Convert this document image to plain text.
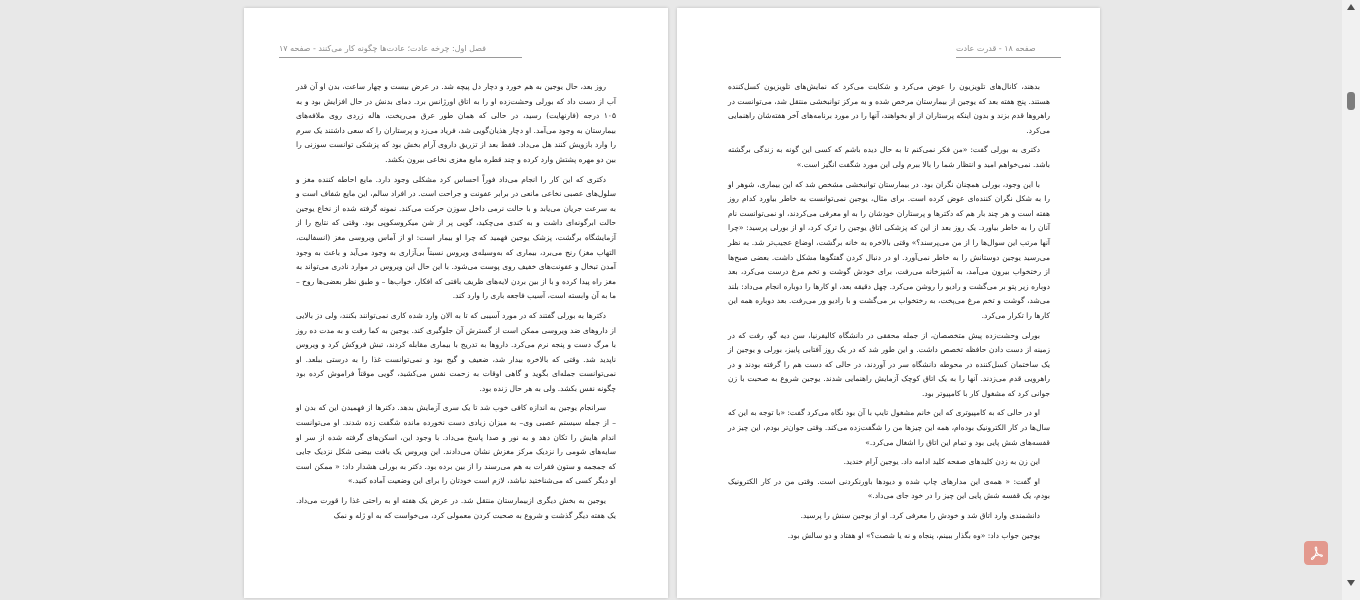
فصل اول: چرخه عادت؛ عادت‌ها چگونه کار می‌کنند - صفحه ۱۷

روز بعد، حال یوجین به هم خورد و دچار دل پیچه شد. در عرض بیست و چهار ساعت، بدن او آن قدر آب از دست داد که بورلی وحشت‌زده او را به اتاق اورژانس برد. دمای بدنش در حال افزایش بود و به ۱۰۵ درجه (فارنهایت) رسید، در حالی که همان طور عرق می‌ریخت، هاله زردی روی ملافه‌های بیمارستان به وجود می‌آمد. او دچار هذیان‌گویی شد، فریاد می‌زد و پرستاران را که سعی داشتند یک سرم را وارد بازویش کنند هل می‌داد. فقط بعد از تزریق داروی آرام بخش بود که پزشکی توانست سوزنی را بین دو مهره پشتش وارد کرده و چند قطره مایع مغزی نخاعی بیرون بکشد.

دکتری که این کار را انجام می‌داد فوراً احساس کرد مشکلی وجود دارد. مایع احاطه کننده مغز و سلول‌های عصبی نخاعی مانعی در برابر عفونت و جراحت است. در افراد سالم، این مایع شفاف است و به سرعت جریان می‌یابد و با حالت نرمی داخل سوزن حرکت می‌کند. نمونه گرفته شده از نخاع یوجین حالت ابرگونه‌ای داشت و به کندی می‌چکید، گویی پر از شن میکروسکوپی بود. وقتی که نتایج را از آزمایشگاه برگشت، پزشک یوجین فهمید که چرا او بیمار است: او از آماس ویروسی مغز (انسفالیت، التهاب مغز) رنج می‌برد، بیماری که به‌وسیله‌ی ویروس نسبتاً بی‌آزاری به وجود می‌آید و باعث به وجود آمدن تبخال و عفونت‌های خفیف روی پوست می‌شود. با این حال این ویروس در موارد نادری می‌تواند به مغز راه پیدا کرده و با از بین بردن لایه‌های ظریف بافتی که افکار، خواب‌ها – و طبق نظر بعضی‌ها روح – ما به آن وابسته است، آسیب فاجعه باری را وارد کند.

دکترها به بورلی گفتند که در مورد آسیبی که تا به الان وارد شده کاری نمی‌توانند بکنند، ولی دز بالایی از داروهای ضد ویروسی ممکن است از گسترش آن جلوگیری کند. یوجین به کما رفت و به مدت ده روز با مرگ دست و پنجه نرم می‌کرد. داروها به تدریج با بیماری مقابله کردند، تبش فروکش کرد و ویروس ناپدید شد. وقتی که بالاخره بیدار شد، ضعیف و گیج بود و نمی‌توانست غذا را به درستی ببلعد. او نمی‌توانست جمله‌ای بگوید و گاهی اوقات به زحمت نفس می‌کشید، گویی موقتاً فراموش کرده بود چگونه نفس بکشد. ولی به هر حال زنده بود.

سرانجام یوجین به اندازه کافی خوب شد تا یک سری آزمایش بدهد. دکترها از فهمیدن این که بدن او – از جمله سیستم عصبی وی– به میزان زیادی دست نخورده مانده شگفت زده شدند. او می‌توانست اندام هایش را تکان دهد و به نور و صدا پاسخ می‌داد. با وجود این، اسکن‌های گرفته شده از سر او سایه‌های شومی را نزدیک مرکز مغزش نشان می‌دادند. این ویروس یک بافت بیضی شکل نزدیک جایی که جمجمه و ستون فقرات به هم می‌رسند را از بین برده بود. دکتر به بورلی هشدار داد: « ممکن است او دیگر کسی که می‌شناختید نباشد، لازم است خودتان را برای این وضعیت آماده کنید.»

یوجین به بخش دیگری ازبیمارستان منتقل شد. در عرض یک هفته او به راحتی غذا را قورت می‌داد. یک هفته دیگر گذشت و شروع به صحبت کردن معمولی کرد، می‌خواست که به او ژله و نمک

صفحه ۱۸ - قدرت عادت

بدهند، کانال‌های تلویزیون را عوض می‌کرد و شکایت می‌کرد که نمایش‌های تلویزیون کسل‌کننده هستند. پنج هفته بعد که یوجین از بیمارستان مرخص شده و به مرکز توانبخشی منتقل شد، می‌توانست در راهروها قدم بزند و بدون اینکه پرستاران از او بخواهند، آنها را در مورد برنامه‌های آخر هفته‌شان راهنمایی می‌کرد.

دکتری به بورلی گفت: «من فکر نمی‌کنم تا به حال دیده باشم که کسی این گونه به زندگی برگشته باشد. نمی‌خواهم امید و انتظار شما را بالا ببرم ولی این مورد شگفت انگیز است.»

با این وجود، بورلی همچنان نگران بود. در بیمارستان توانبخشی مشخص شد که این بیماری، شوهر او را به شکل نگران کننده‌ای عوض کرده است. برای مثال، یوجین نمی‌توانست به خاطر بیاورد کدام روز هفته است و هر چند بار هم که دکترها و پرستاران خودشان را به او معرفی می‌کردند، او نمی‌توانست نام آنان را به خاطر بیاورد. یک روز بعد از این که پزشکی اتاق یوجین را ترک کرد، او از بورلی پرسید: «چرا آنها مرتب این سوال‌ها را از من می‌پرسند؟» وقتی بالاخره به خانه برگشت، اوضاع عجیب‌تر شد. به نظر می‌رسید یوجین دوستانش را به خاطر نمی‌آورد. او در دنبال کردن گفتگوها مشکل داشت. بعضی صبح‌ها از رختخواب بیرون می‌آمد، به آشپزخانه می‌رفت، برای خودش گوشت و تخم مرغ درست می‌کرد، بعد دوباره زیر پتو بر می‌گشت و رادیو را روشن می‌کرد. چهل دقیقه بعد، او کارها را دوباره انجام می‌داد: بلند می‌شد، گوشت و تخم مرغ می‌پخت، به رختخواب بر می‌گشت و با رادیو ور می‌رفت. بعد دوباره همه این کارها را تکرار می‌کرد.

بورلی وحشت‌زده پیش متخصصان، از جمله محققی در دانشگاه کالیفرنیا، سن دیه گو، رفت که در زمینه از دست دادن حافظه تخصص داشت. و این طور شد که در یک روز آفتابی پاییز، بورلی و یوجین از یک ساختمان کسل‌کننده در محوطه دانشگاه سر در آوردند، در حالی که دست هم را گرفته بودند و در راهرویی قدم می‌زدند. آنها را به یک اتاق کوچک آزمایش راهنمایی شدند. یوجین شروع به صحبت با زن جوانی کرد که مشغول کار با کامپیوتر بود.

او در حالی که به کامپیوتری که این خانم مشغول تایپ با آن بود نگاه می‌کرد گفت: «با توجه به این که سال‌ها در کار الکترونیک بوده‌ام، همه این چیزها من را شگفت‌زده می‌کند. وقتی جوان‌تر بودم، این چیز در قفسه‌های شش پایی بود و تمام این اتاق را اشغال می‌کرد.»

این زن به زدن کلیدهای صفحه کلید ادامه داد. یوجین آرام خندید.

او گفت: « همه‌ی این مدارهای چاپ شده و دیودها باورنکردنی است. وقتی من در کار الکترونیک بودم، یک قفسه شش پایی این چیز را در خود جای می‌داد.»

دانشمندی وارد اتاق شد و خودش را معرفی کرد. او از یوجین سنش را پرسید.

یوجین جواب داد: «وه بگذار ببینم، پنجاه و نه یا شصت؟» او هفتاد و دو سالش بود.
